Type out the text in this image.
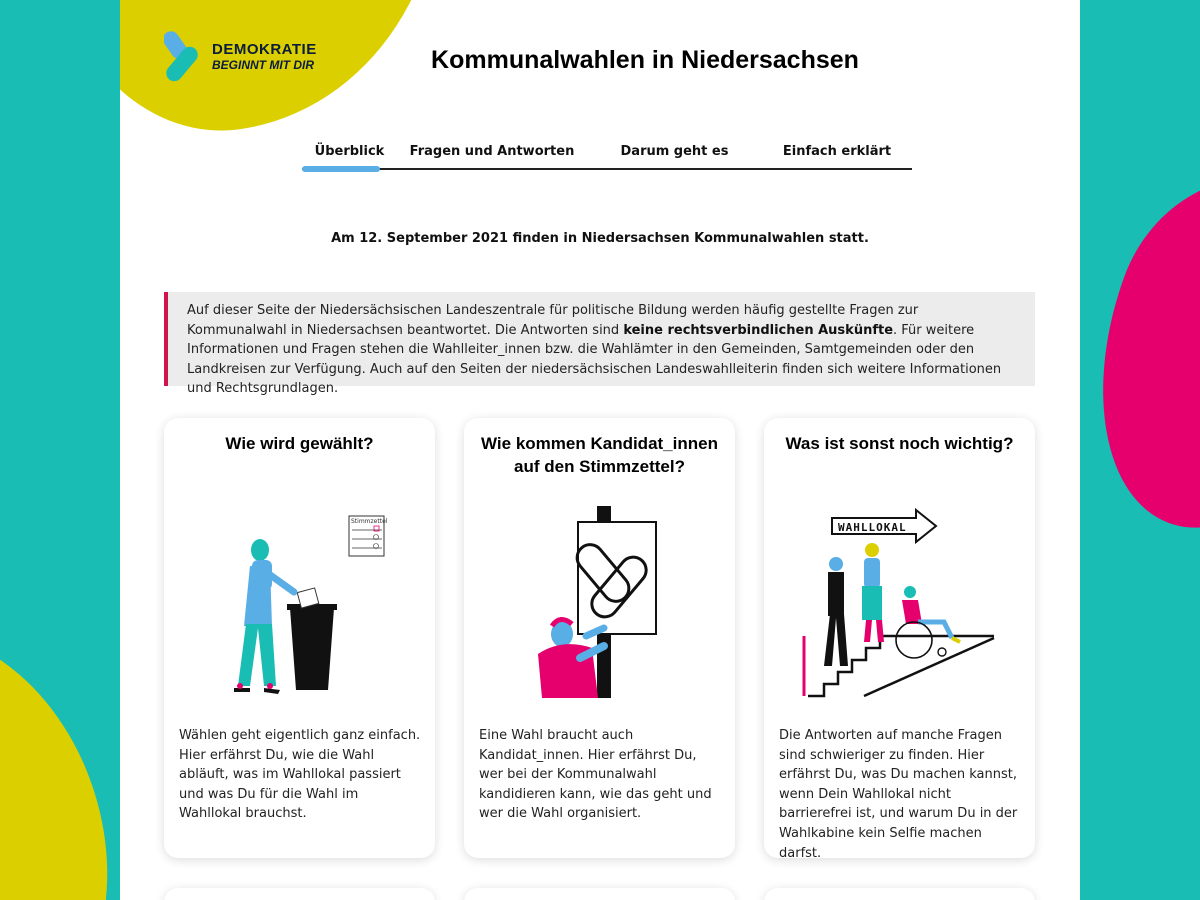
DEMOKRATIE
BEGINNT MIT DIR	Kommunalwahlen in Niedersachsen
Überblick	Fragen und Antworten	Darum geht es	Einfach erklärt

Am 12. September 2021 finden in Niedersachsen Kommunalwahlen statt.

Auf dieser Seite der Niedersächsischen Landeszentrale für politische Bildung werden häufig gestellte Fragen zur Kommunalwahl in Niedersachsen beantwortet. Die Antworten sind keine rechtsverbindlichen Auskünfte. Für weitere Informationen und Fragen stehen die Wahlleiter_innen bzw. die Wahlämter in den Gemeinden, Samtgemeinden oder den Landkreisen zur Verfügung. Auch auf den Seiten der niedersächsischen Landeswahlleiterin finden sich weitere Informationen und Rechtsgrundlagen.
Wie wird gewählt?
Stimmzettel

Wählen geht eigentlich ganz einfach. Hier erfährst Du, wie die Wahl abläuft, was im Wahllokal passiert und was Du für die Wahl im Wahllokal brauchst.

Wie kommen Kandidat_innen auf den Stimmzettel?

Eine Wahl braucht auch Kandidat_innen. Hier erfährst Du, wer bei der Kommunalwahl kandidieren kann, wie das geht und wer die Wahl organisiert.

Was ist sonst noch wichtig?
WAHLLOKAL

Die Antworten auf manche Fragen sind schwieriger zu finden. Hier erfährst Du, was Du machen kannst, wenn Dein Wahllokal nicht barrierefrei ist, und warum Du in der Wahlkabine kein Selfie machen darfst.
